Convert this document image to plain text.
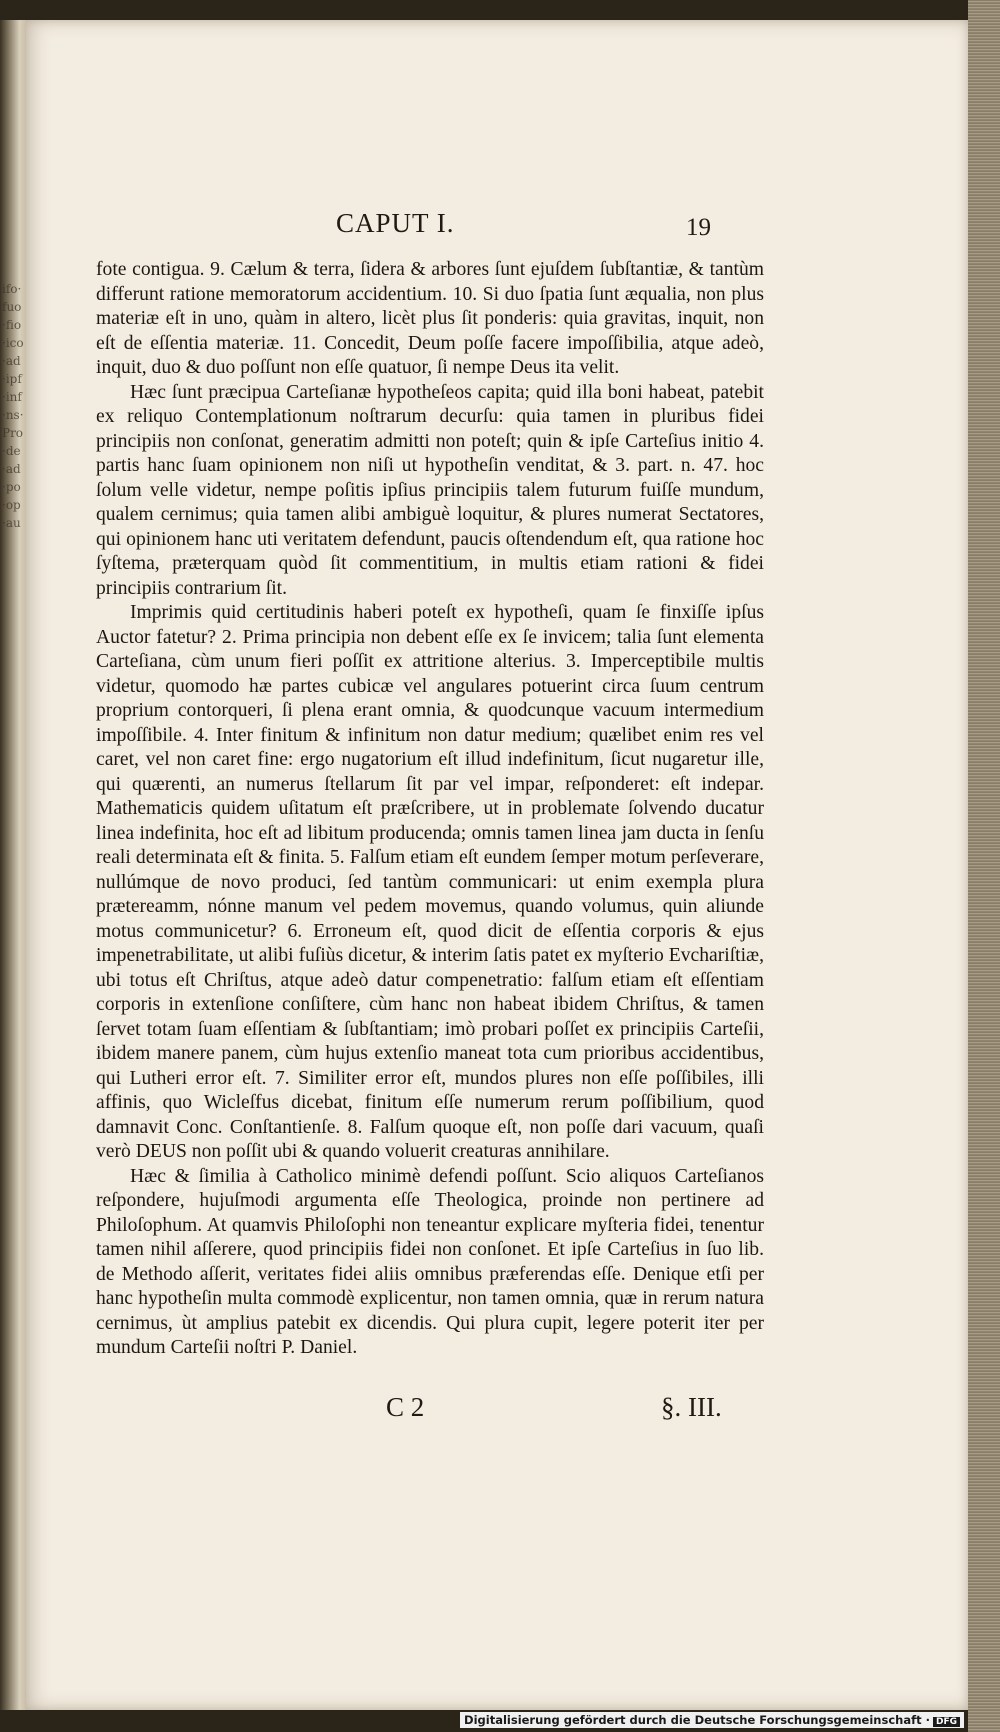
ifo·fuo·fio·ico·ad·ipf·inf·ns·Pro·de·ad·po·op·au

CAPUT I.	19

fote contigua. 9. Cælum & terra, ſidera & arbores ſunt ejuſdem ſubſtantiæ, & tantùm differunt ratione memoratorum accidentium. 10. Si duo ſpatia ſunt æqualia, non plus materiæ eſt in uno, quàm in altero, licèt plus ſit ponderis: quia gravitas, inquit, non eſt de eſſentia materiæ. 11. Concedit, Deum poſſe facere impoſſibilia, atque adeò, inquit, duo & duo poſſunt non eſſe quatuor, ſi nempe Deus ita velit.

Hæc ſunt præcipua Carteſianæ hypotheſeos capita; quid illa boni habeat, patebit ex reliquo Contemplationum noſtrarum decurſu: quia tamen in pluribus fidei principiis non conſonat, generatim admitti non poteſt; quin & ipſe Carteſius initio 4. partis hanc ſuam opinionem non niſi ut hypotheſin venditat, & 3. part. n. 47. hoc ſolum velle videtur, nempe poſitis ipſius principiis talem futurum fuiſſe mundum, qualem cernimus; quia tamen alibi ambiguè loquitur, & plures numerat Sectatores, qui opinionem hanc uti veritatem defendunt, paucis oſtendendum eſt, qua ratione hoc ſyſtema, præterquam quòd ſit commentitium, in multis etiam rationi & fidei principiis contrarium ſit.

Imprimis quid certitudinis haberi poteſt ex hypotheſi, quam ſe finxiſſe ipſus Auctor fatetur? 2. Prima principia non debent eſſe ex ſe invicem; talia ſunt elementa Carteſiana, cùm unum fieri poſſit ex attritione alterius. 3. Imperceptibile multis videtur, quomodo hæ partes cubicæ vel angulares potuerint circa ſuum centrum proprium contorqueri, ſi plena erant omnia, & quodcunque vacuum intermedium impoſſibile. 4. Inter finitum & infinitum non datur medium; quælibet enim res vel caret, vel non caret fine: ergo nugatorium eſt illud indefinitum, ſicut nugaretur ille, qui quærenti, an numerus ſtellarum ſit par vel impar, reſponderet: eſt indepar. Mathematicis quidem uſitatum eſt præſcribere, ut in problemate ſolvendo ducatur linea indefinita, hoc eſt ad libitum producenda; omnis tamen linea jam ducta in ſenſu reali determinata eſt & finita. 5. Falſum etiam eſt eundem ſemper motum perſeverare, nullúmque de novo produci, ſed tantùm communicari: ut enim exempla plura prætereamm, nónne manum vel pedem movemus, quando volumus, quin aliunde motus communicetur? 6. Erroneum eſt, quod dicit de eſſentia corporis & ejus impenetrabilitate, ut alibi fuſiùs dicetur, & interim ſatis patet ex myſterio Evchariſtiæ, ubi totus eſt Chriſtus, atque adeò datur compenetratio: falſum etiam eſt eſſentiam corporis in extenſione conſiſtere, cùm hanc non habeat ibidem Chriſtus, & tamen ſervet totam ſuam eſſentiam & ſubſtantiam; imò probari poſſet ex principiis Carteſii, ibidem manere panem, cùm hujus extenſio maneat tota cum prioribus accidentibus, qui Lutheri error eſt. 7. Similiter error eſt, mundos plures non eſſe poſſibiles, illi affinis, quo Wicleſfus dicebat, finitum eſſe numerum rerum poſſibilium, quod damnavit Conc. Conſtantienſe. 8. Falſum quoque eſt, non poſſe dari vacuum, quaſi verò DEUS non poſſit ubi & quando voluerit creaturas annihilare.

Hæc & ſimilia à Catholico minimè defendi poſſunt. Scio aliquos Carteſianos reſpondere, hujuſmodi argumenta eſſe Theologica, proinde non pertinere ad Philoſophum. At quamvis Philoſophi non teneantur explicare myſteria fidei, tenentur tamen nihil aſſerere, quod principiis fidei non conſonet. Et ipſe Carteſius in ſuo lib. de Methodo aſſerit, veritates fidei aliis omnibus præferendas eſſe. Denique etſi per hanc hypotheſin multa commodè explicentur, non tamen omnia, quæ in rerum natura cernimus, ùt amplius patebit ex dicendis. Qui plura cupit, legere poterit iter per mundum Carteſii noſtri P. Daniel.

C 2	§. III.
Digitalisierung gefördert durch die Deutsche Forschungsgemeinschaft · DFG
